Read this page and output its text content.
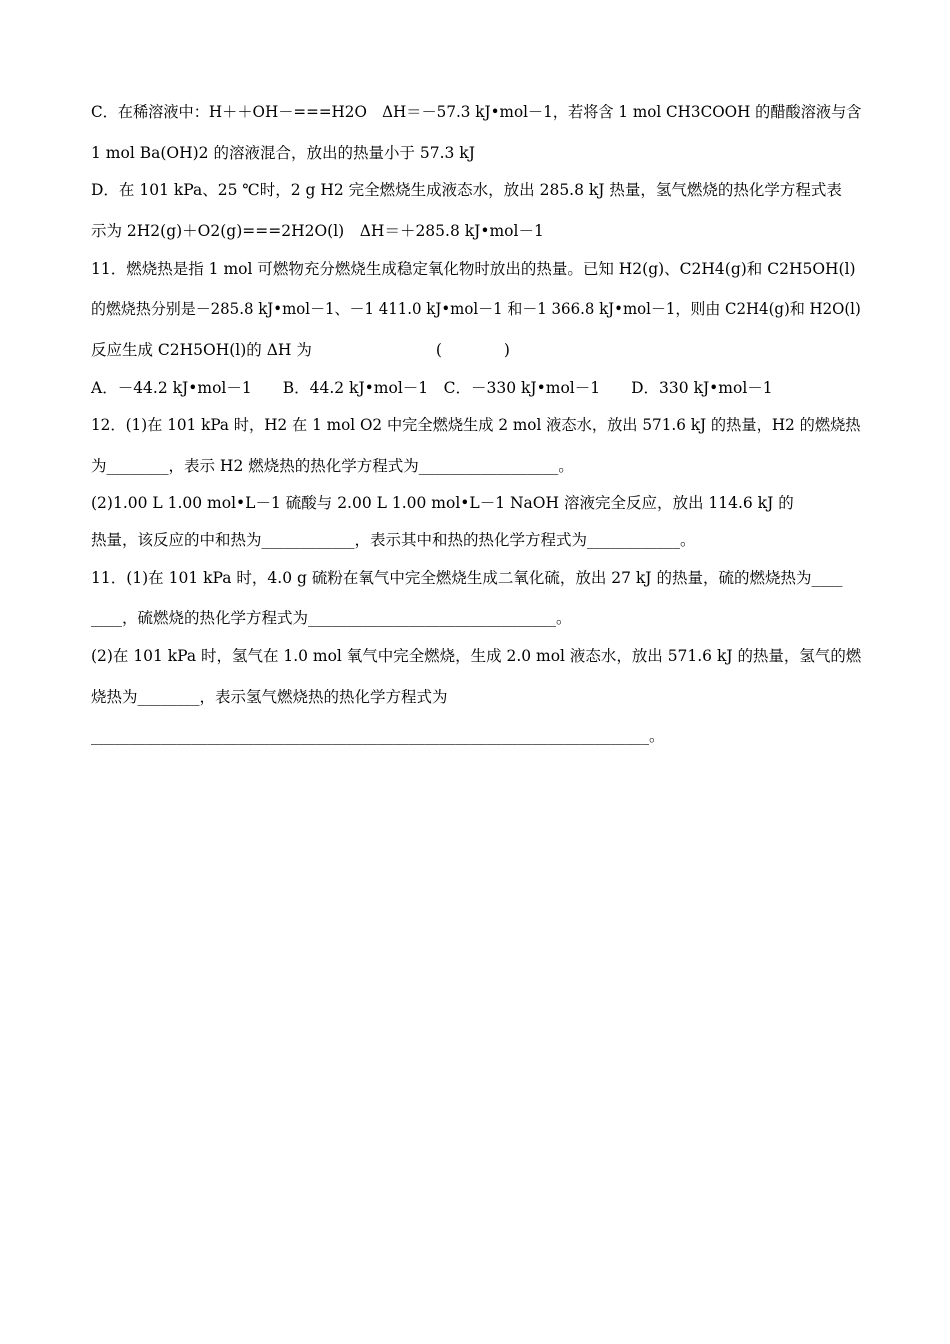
C．在稀溶液中：H＋＋OH－===H2O　ΔH＝－57.3 kJ•mol－1，若将含 1 mol CH3COOH 的醋酸溶液与含
1 mol Ba(OH)2 的溶液混合，放出的热量小于 57.3 kJ
D．在 101 kPa、25 ℃时，2 g H2 完全燃烧生成液态水，放出 285.8 kJ 热量，氢气燃烧的热化学方程式表
示为 2H2(g)＋O2(g)===2H2O(l)　ΔH＝＋285.8 kJ•mol－1
11．燃烧热是指 1 mol 可燃物充分燃烧生成稳定氧化物时放出的热量。已知 H2(g)、C2H4(g)和 C2H5OH(l)
的燃烧热分别是－285.8 kJ•mol－1、－1 411.0 kJ•mol－1 和－1 366.8 kJ•mol－1，则由 C2H4(g)和 H2O(l)
反应生成 C2H5OH(l)的 ΔH 为　　　　　　　　(　　　　)
A．－44.2 kJ•mol－1　　B．44.2 kJ•mol－1　C．－330 kJ•mol－1　　D．330 kJ•mol－1
12．(1)在 101 kPa 时，H2 在 1 mol O2 中完全燃烧生成 2 mol 液态水，放出 571.6 kJ 的热量，H2 的燃烧热
为________，表示 H2 燃烧热的热化学方程式为__________________。
(2)1.00 L 1.00 mol•L－1 硫酸与 2.00 L 1.00 mol•L－1 NaOH 溶液完全反应，放出 114.6 kJ 的
热量，该反应的中和热为____________，表示其中和热的热化学方程式为____________。
11．(1)在 101 kPa 时，4.0 g 硫粉在氧气中完全燃烧生成二氧化硫，放出 27 kJ 的热量，硫的燃烧热为____
____，硫燃烧的热化学方程式为________________________________。
(2)在 101 kPa 时，氢气在 1.0 mol 氧气中完全燃烧，生成 2.0 mol 液态水，放出 571.6 kJ 的热量，氢气的燃
烧热为________，表示氢气燃烧热的热化学方程式为
________________________________________________________________________。
